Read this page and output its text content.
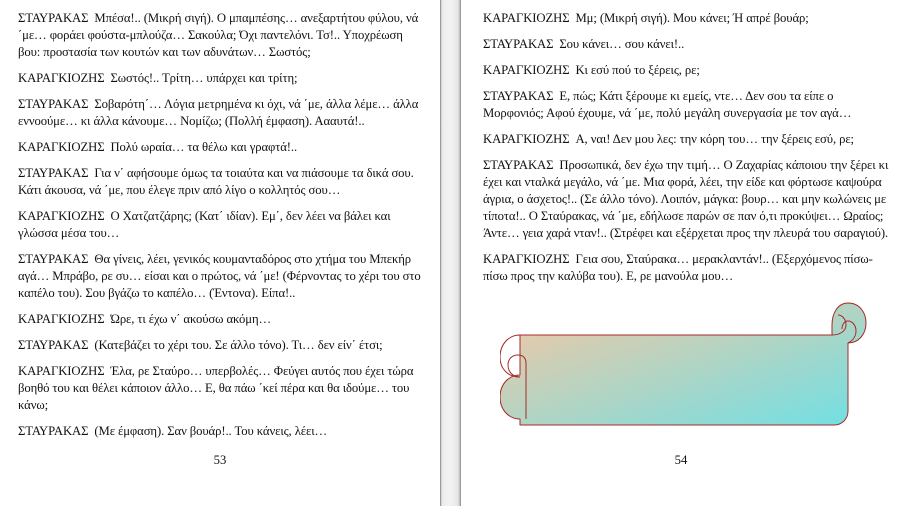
ΣΤΑΥΡΑΚΑΣ Μπέσα!.. (Μικρή σιγή). Ο μπαμπέσης… ανεξαρτήτου φύλου, νά ΄με… φοράει φούστα-μπλούζα… Σακούλα; Όχι παντελόνι. Τσ!.. Υποχρέωση βου: προστασία των κουτών και των αδυνάτων… Σωστός;

ΚΑΡΑΓΚΙΟΖΗΣ Σωστός!.. Τρίτη… υπάρχει και τρίτη;

ΣΤΑΥΡΑΚΑΣ Σοβαρότη΄… Λόγια μετρημένα κι όχι, νά ΄με, άλλα λέμε… άλλα εννοούμε… κι άλλα κάνουμε… Νομίζω; (Πολλή έμφαση). Αααυτά!..

ΚΑΡΑΓΚΙΟΖΗΣ Πολύ ωραία… τα θέλω και γραφτά!..

ΣΤΑΥΡΑΚΑΣ Για ν΄ αφήσουμε όμως τα τοιαύτα και να πιάσουμε τα δικά σου. Κάτι άκουσα, νά ΄με, που έλεγε πριν από λίγο ο κολλητός σου…

ΚΑΡΑΓΚΙΟΖΗΣ Ο Χατζατζάρης; (Κατ΄ ιδίαν). Εμ΄, δεν λέει να βάλει και γλώσσα μέσα του…

ΣΤΑΥΡΑΚΑΣ Θα γίνεις, λέει, γενικός κουμανταδόρος στο χτήμα του Μπεκήρ αγά… Μπράβο, ρε συ… είσαι και ο πρώτος, νά ΄με! (Φέρνοντας το χέρι του στο καπέλο του). Σου βγάζω το καπέλο… (Έντονα). Είπα!..

ΚΑΡΑΓΚΙΟΖΗΣ Ώρε, τι έχω ν΄ ακούσω ακόμη…

ΣΤΑΥΡΑΚΑΣ (Κατεβάζει το χέρι του. Σε άλλο τόνο). Τι… δεν είν΄ έτσι;

ΚΑΡΑΓΚΙΟΖΗΣ Έλα, ρε Σταύρο… υπερβολές… Φεύγει αυτός που έχει τώρα βοηθό του και θέλει κάποιον άλλο… Ε, θα πάω ΄κεί πέρα και θα ιδούμε… του κάνω;

ΣΤΑΥΡΑΚΑΣ (Με έμφαση). Σαν βουάρ!.. Του κάνεις, λέει…

53

ΚΑΡΑΓΚΙΟΖΗΣ Μμ; (Μικρή σιγή). Μου κάνει; Ή απρέ βουάρ;

ΣΤΑΥΡΑΚΑΣ Σου κάνει… σου κάνει!..

ΚΑΡΑΓΚΙΟΖΗΣ Κι εσύ πού το ξέρεις, ρε;

ΣΤΑΥΡΑΚΑΣ Ε, πώς; Κάτι ξέρουμε κι εμείς, ντε… Δεν σου τα είπε ο Μορφονιός; Αφού έχουμε, νά ΄με, πολύ μεγάλη συνεργασία με τον αγά…

ΚΑΡΑΓΚΙΟΖΗΣ Α, ναι! Δεν μου λες: την κόρη του… την ξέρεις εσύ, ρε;

ΣΤΑΥΡΑΚΑΣ Προσωπικά, δεν έχω την τιμή… Ο Ζαχαρίας κάποιου την ξέρει κι έχει και νταλκά μεγάλο, νά ΄με. Μια φορά, λέει, την είδε και φόρτωσε καψούρα άγρια, ο άσχετος!.. (Σε άλλο τόνο). Λοιπόν, μάγκα: βουρ… και μην κωλώνεις με τίποτα!.. Ο Σταύρακας, νά ΄με, εδήλωσε παρών σε παν ό,τι προκύψει… Ωραίος; Άντε… γεια χαρά νταν!.. (Στρέφει και εξέρχεται προς την πλευρά του σαραγιού).

ΚΑΡΑΓΚΙΟΖΗΣ Γεια σου, Σταύρακα… μερακλαντάν!.. (Εξερχόμενος πίσω-πίσω προς την καλύβα του). Ε, ρε μανούλα μου…

54
